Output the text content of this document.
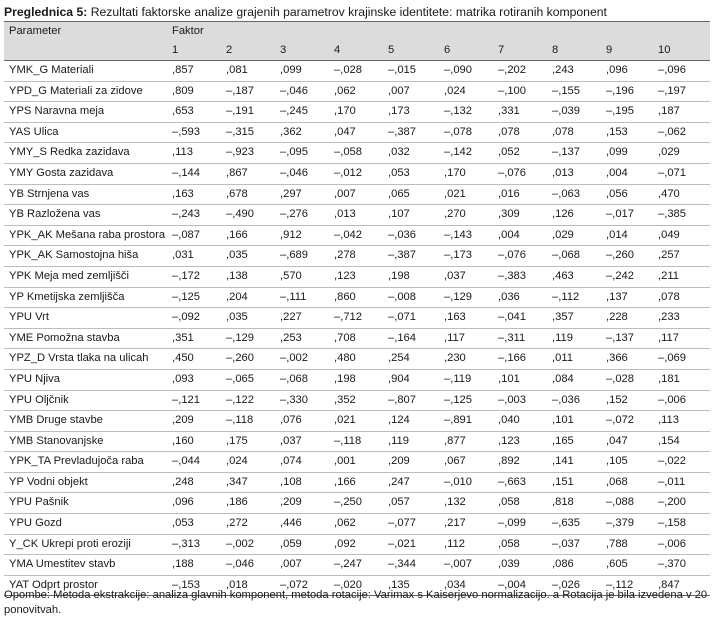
Preglednica 5: Rezultati faktorske analize grajenih parametrov krajinske identitete: matrika rotiranih komponent
Parameter	Faktor									
	1	2	3	4	5	6	7	8	9	10
YMK_G Materiali	,857	,081	,099	–,028	–,015	–,090	–,202	,243	,096	–,096
YPD_G Materiali za zidove	,809	–,187	–,046	,062	,007	,024	–,100	–,155	–,196	–,197
YPS Naravna meja	,653	–,191	–,245	,170	,173	–,132	,331	–,039	–,195	,187
YAS Ulica	–,593	–,315	,362	,047	–,387	–,078	,078	,078	,153	–,062
YMY_S Redka zazidava	,113	–,923	–,095	–,058	,032	–,142	,052	–,137	,099	,029
YMY Gosta zazidava	–,144	,867	–,046	–,012	,053	,170	–,076	,013	,004	–,071
YB Strnjena vas	,163	,678	,297	,007	,065	,021	,016	–,063	,056	,470
YB Razložena vas	–,243	–,490	–,276	,013	,107	,270	,309	,126	–,017	–,385
YPK_AK Mešana raba prostora	–,087	,166	,912	–,042	–,036	–,143	,004	,029	,014	,049
YPK_AK Samostojna hiša	,031	,035	–,689	,278	–,387	–,173	–,076	–,068	–,260	,257
YPK Meja med zemljišči	–,172	,138	,570	,123	,198	,037	–,383	,463	–,242	,211
YP Kmetijska zemljišča	–,125	,204	–,111	,860	–,008	–,129	,036	–,112	,137	,078
YPU Vrt	–,092	,035	,227	–,712	–,071	,163	–,041	,357	,228	,233
YME Pomožna stavba	,351	–,129	,253	,708	–,164	,117	–,311	,119	–,137	,117
YPZ_D Vrsta tlaka na ulicah	,450	–,260	–,002	,480	,254	,230	–,166	,011	,366	–,069
YPU Njiva	,093	–,065	–,068	,198	,904	–,119	,101	,084	–,028	,181
YPU Oljčnik	–,121	–,122	–,330	,352	–,807	–,125	–,003	–,036	,152	–,006
YMB Druge stavbe	,209	–,118	,076	,021	,124	–,891	,040	,101	–,072	,113
YMB Stanovanjske	,160	,175	,037	–,118	,119	,877	,123	,165	,047	,154
YPK_TA Prevladujoča raba	–,044	,024	,074	,001	,209	,067	,892	,141	,105	–,022
YP Vodni objekt	,248	,347	,108	,166	,247	–,010	–,663	,151	,068	–,011
YPU Pašnik	,096	,186	,209	–,250	,057	,132	,058	,818	–,088	–,200
YPU Gozd	,053	,272	,446	,062	–,077	,217	–,099	–,635	–,379	–,158
Y_CK Ukrepi proti eroziji	–,313	–,002	,059	,092	–,021	,112	,058	–,037	,788	–,006
YMA Umestitev stavb	,188	–,046	,007	–,247	–,344	–,007	,039	,086	,605	–,370
YAT Odprt prostor	–,153	,018	–,072	–,020	,135	,034	–,004	–,026	–,112	,847
Opombe: Metoda ekstrakcije: analiza glavnih komponent, metoda rotacije: Varimax s Kaiserjevo normalizacijo. a Rotacija je bila izvedena v 20 ponovitvah.
